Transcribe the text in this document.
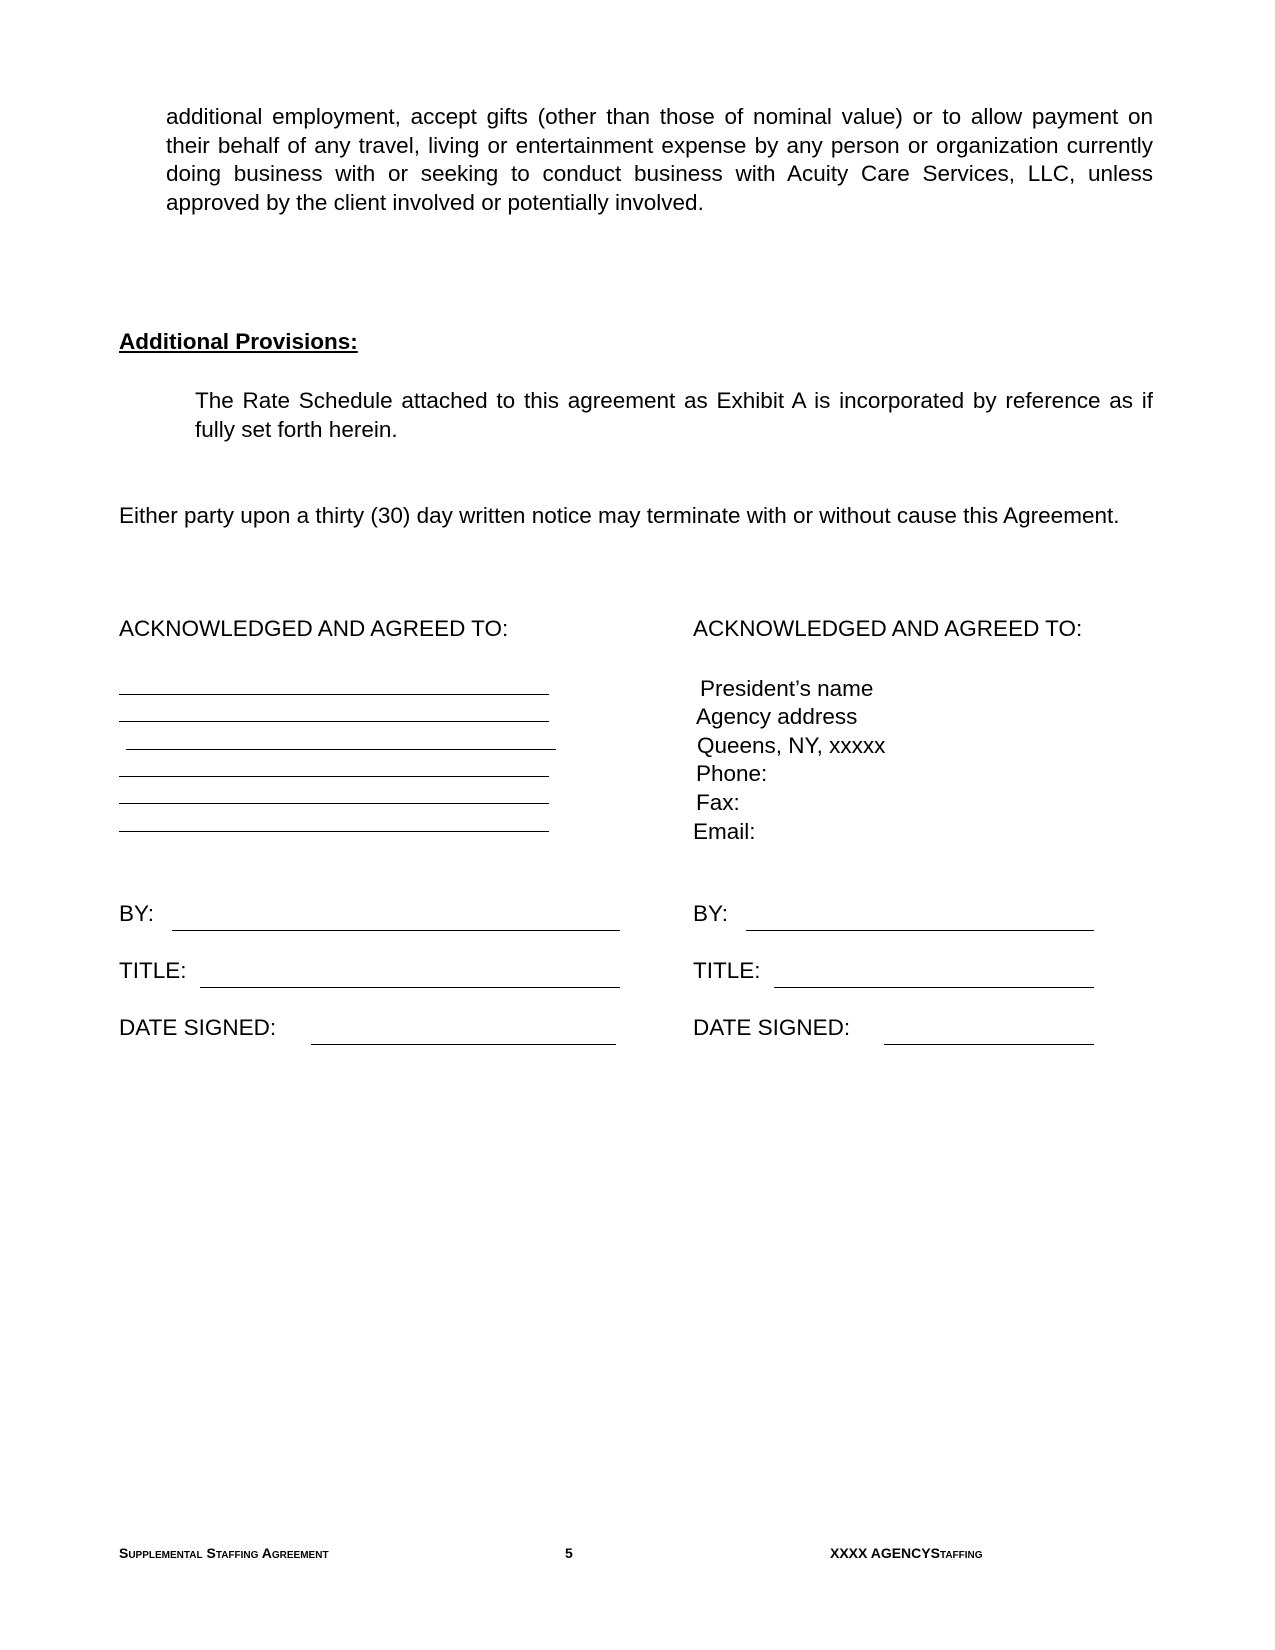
additional employment, accept gifts (other than those of nominal value) or to allow payment on their behalf of any travel, living or entertainment expense by any person or organization currently doing business with or seeking to conduct business with Acuity Care Services, LLC, unless approved by the client involved or potentially involved.
Additional Provisions:
The Rate Schedule attached to this agreement as Exhibit A is incorporated by reference as if fully set forth herein.
Either party upon a thirty (30) day written notice may terminate with or without cause this Agreement.
ACKNOWLEDGED AND AGREED TO:
BY:
TITLE:
DATE SIGNED:
ACKNOWLEDGED AND AGREED TO:
President’s name
Agency address
Queens, NY, xxxxx
Phone:
Fax:
Email:
BY:
TITLE:
DATE SIGNED:
Supplemental Staffing Agreement	5	XXXX AGENCYStaffing
